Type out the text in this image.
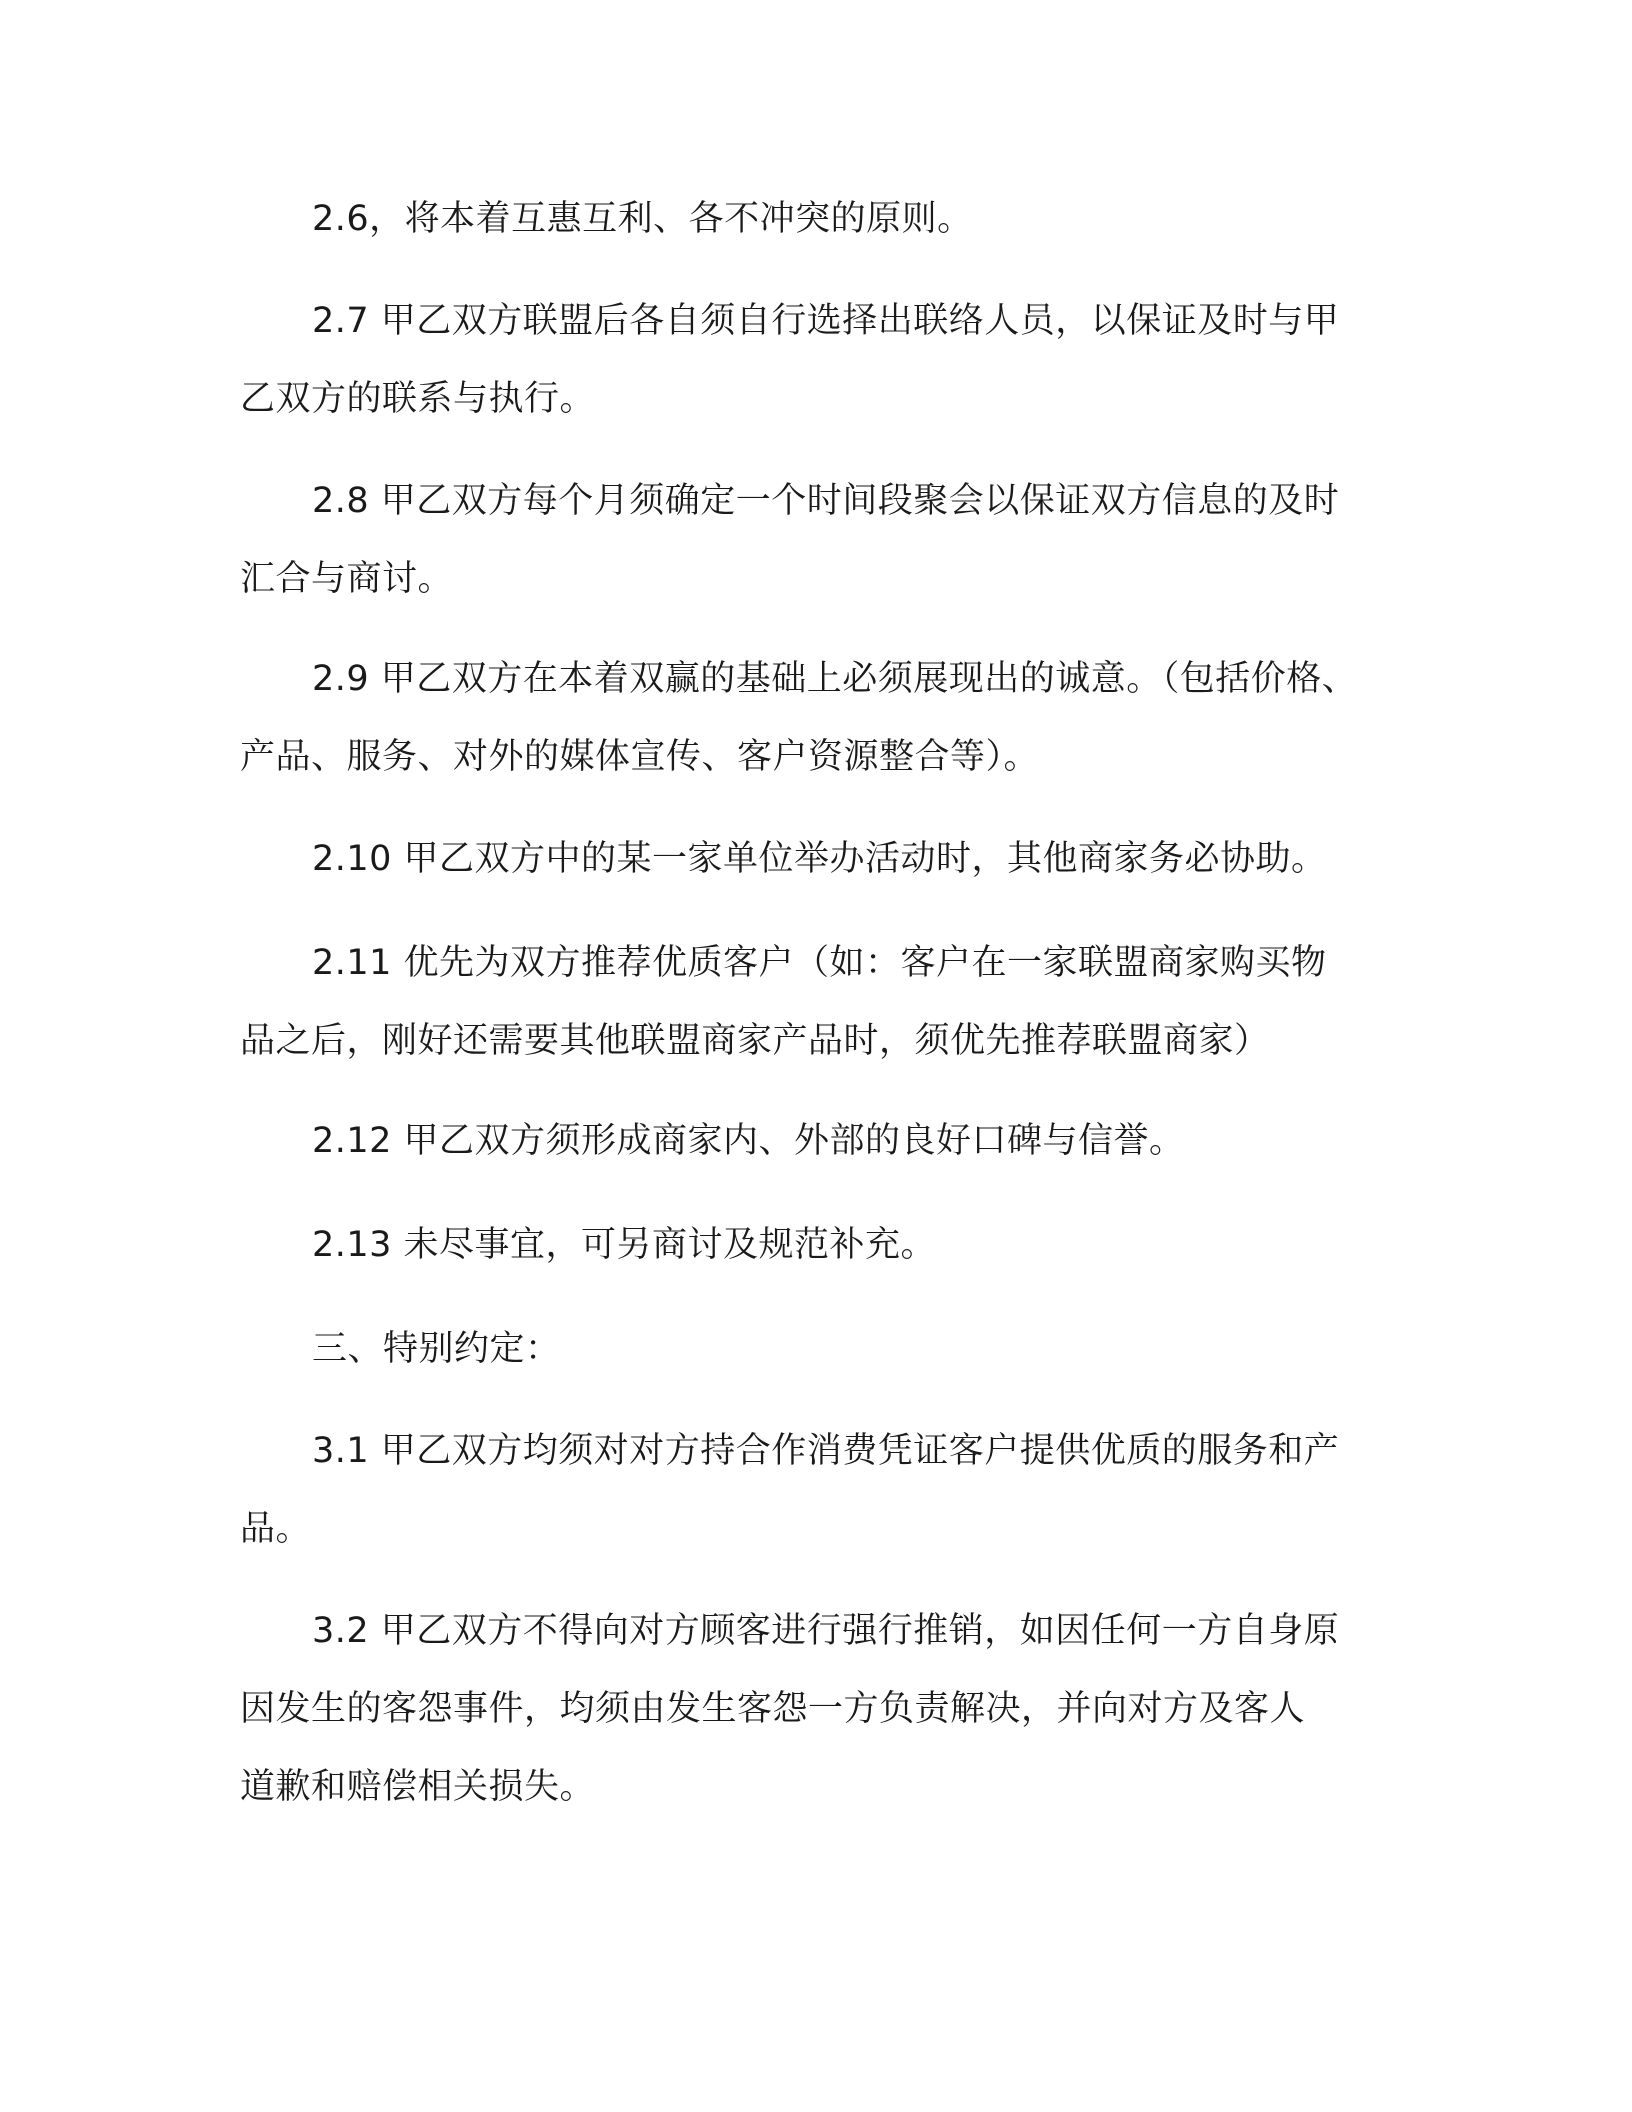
2.6，将本着互惠互利、各不冲突的原则。

2.7 甲乙双方联盟后各自须自行选择出联络人员，以保证及时与甲
乙双方的联系与执行。

2.8 甲乙双方每个月须确定一个时间段聚会以保证双方信息的及时
汇合与商讨。

2.9 甲乙双方在本着双赢的基础上必须展现出的诚意。（包括价格、
产品、服务、对外的媒体宣传、客户资源整合等）。

2.10 甲乙双方中的某一家单位举办活动时，其他商家务必协助。

2.11 优先为双方推荐优质客户（如：客户在一家联盟商家购买物
品之后，刚好还需要其他联盟商家产品时，须优先推荐联盟商家）

2.12 甲乙双方须形成商家内、外部的良好口碑与信誉。

2.13 未尽事宜，可另商讨及规范补充。

三、特别约定：

3.1 甲乙双方均须对对方持合作消费凭证客户提供优质的服务和产
品。

3.2 甲乙双方不得向对方顾客进行强行推销，如因任何一方自身原
因发生的客怨事件，均须由发生客怨一方负责解决，并向对方及客人
道歉和赔偿相关损失。
